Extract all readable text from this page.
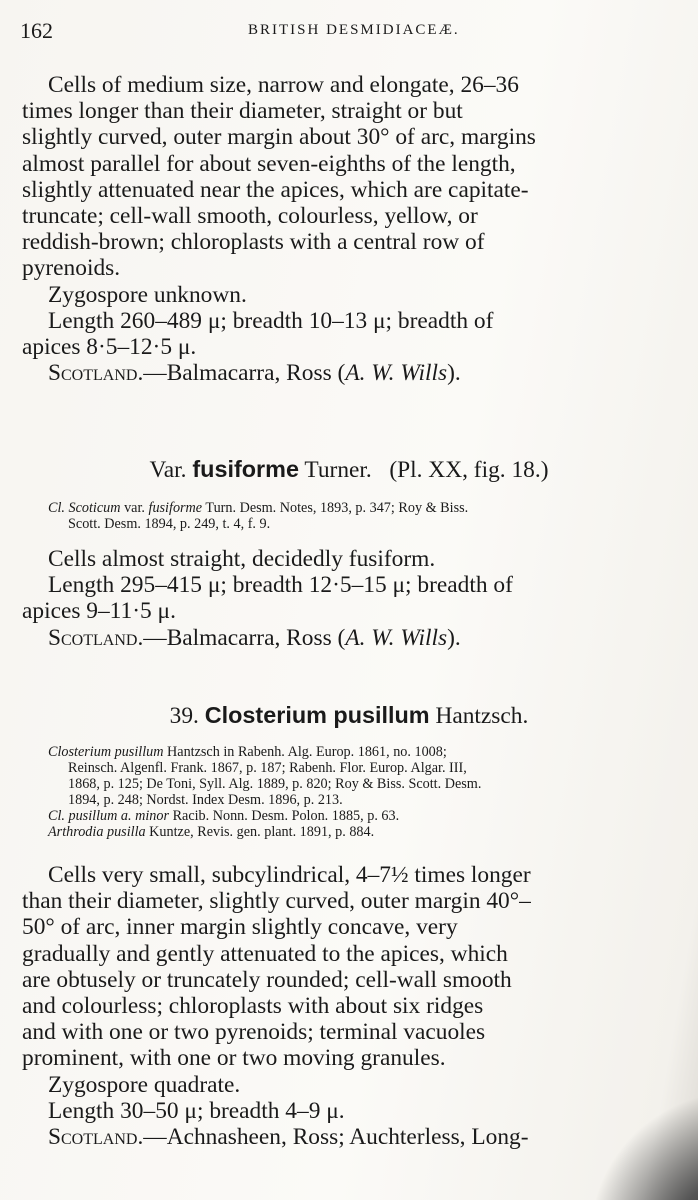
162	BRITISH DESMIDIACEÆ.
Cells of medium size, narrow and elongate, 26–36
times longer than their diameter, straight or but
slightly curved, outer margin about 30° of arc, margins
almost parallel for about seven-eighths of the length,
slightly attenuated near the apices, which are capitate-
truncate; cell-wall smooth, colourless, yellow, or
reddish-brown; chloroplasts with a central row of
pyrenoids.

Zygospore unknown.

Length 260–489 μ; breadth 10–13 μ; breadth of

apices 8·5–12·5 μ.

Scotland.—Balmacarra, Ross (A. W. Wills).

Var. fusiforme Turner. (Pl. XX, fig. 18.)

Cl. Scoticum var. fusiforme Turn. Desm. Notes, 1893, p. 347; Roy & Biss.

Scott. Desm. 1894, p. 249, t. 4, f. 9.

Cells almost straight, decidedly fusiform.

Length 295–415 μ; breadth 12·5–15 μ; breadth of

apices 9–11·5 μ.

Scotland.—Balmacarra, Ross (A. W. Wills).

39. Closterium pusillum Hantzsch.

Closterium pusillum Hantzsch in Rabenh. Alg. Europ. 1861, no. 1008;

Reinsch. Algenfl. Frank. 1867, p. 187; Rabenh. Flor. Europ. Algar. III,

1868, p. 125; De Toni, Syll. Alg. 1889, p. 820; Roy & Biss. Scott. Desm.

1894, p. 248; Nordst. Index Desm. 1896, p. 213.

Cl. pusillum a. minor Racib. Nonn. Desm. Polon. 1885, p. 63.

Arthrodia pusilla Kuntze, Revis. gen. plant. 1891, p. 884.

Cells very small, subcylindrical, 4–7½ times longer
than their diameter, slightly curved, outer margin 40°–
50° of arc, inner margin slightly concave, very
gradually and gently attenuated to the apices, which
are obtusely or truncately rounded; cell-wall smooth
and colourless; chloroplasts with about six ridges
and with one or two pyrenoids; terminal vacuoles
prominent, with one or two moving granules.

Zygospore quadrate.

Length 30–50 μ; breadth 4–9 μ.

Scotland.—Achnasheen, Ross; Auchterless, Long-
